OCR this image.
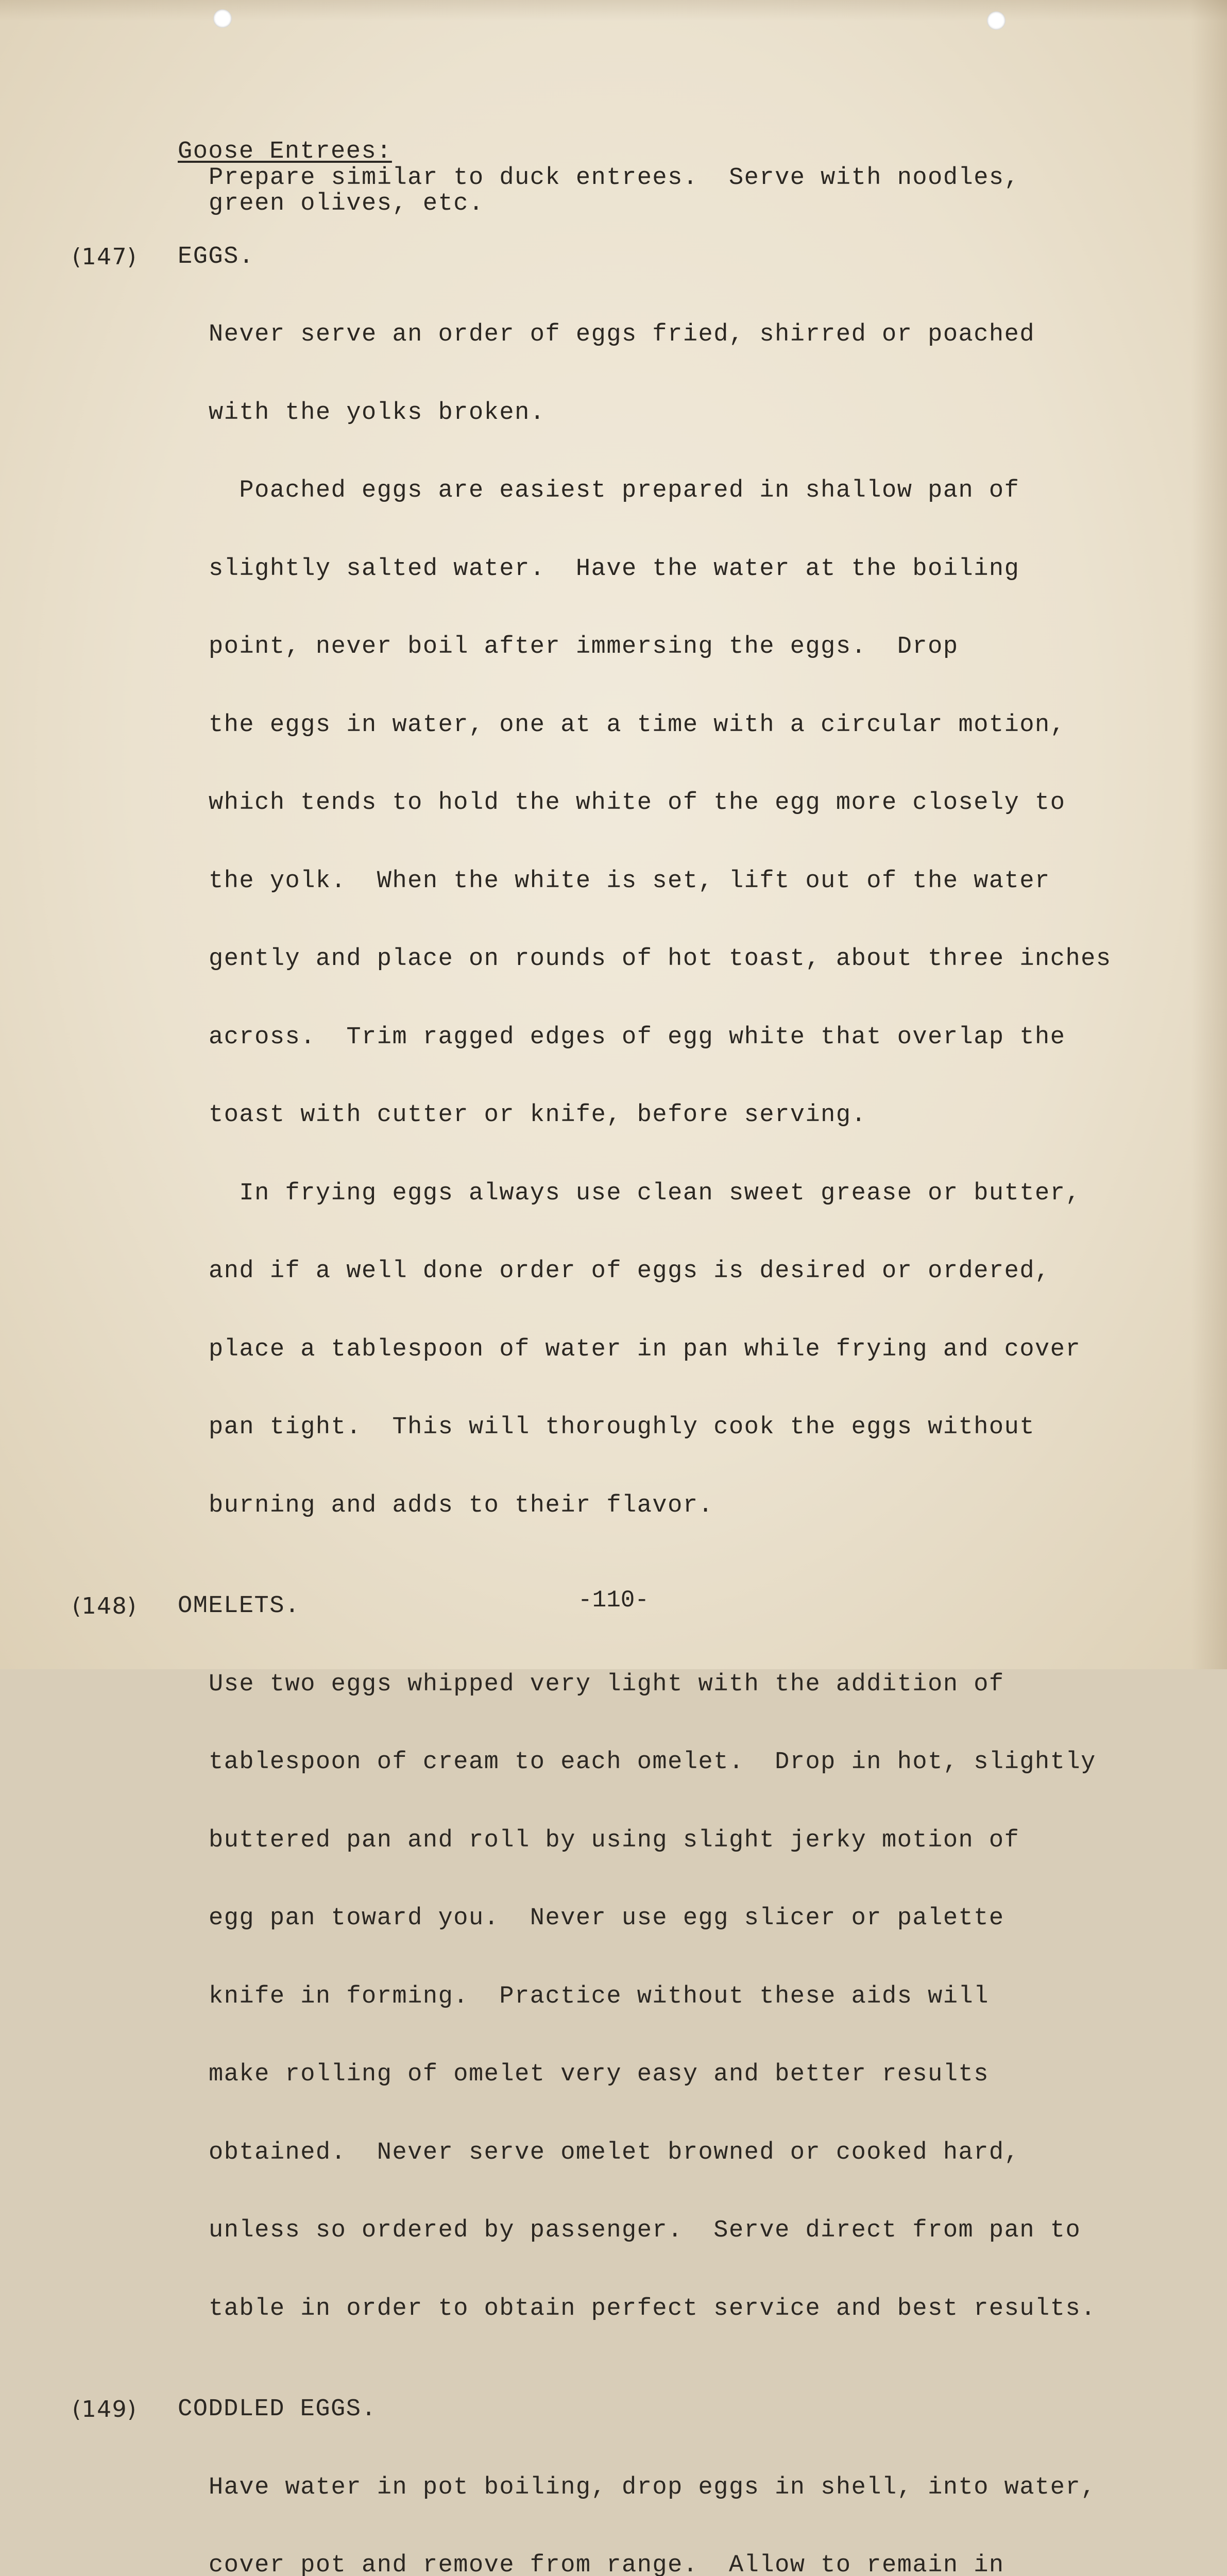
Goose Entrees:
Prepare similar to duck entrees.  Serve with noodles,
green olives, etc.
(147)	EGGS.

Never serve an order of eggs fried, shirred or poached

with the yolks broken.

Poached eggs are easiest prepared in shallow pan of

slightly salted water.  Have the water at the boiling

point, never boil after immersing the eggs.  Drop

the eggs in water, one at a time with a circular motion,

which tends to hold the white of the egg more closely to

the yolk.  When the white is set, lift out of the water

gently and place on rounds of hot toast, about three inches

across.  Trim ragged edges of egg white that overlap the

toast with cutter or knife, before serving.

In frying eggs always use clean sweet grease or butter,

and if a well done order of eggs is desired or ordered,

place a tablespoon of water in pan while frying and cover

pan tight.  This will thoroughly cook the eggs without

burning and adds to their flavor.

(148)	OMELETS.

Use two eggs whipped very light with the addition of

tablespoon of cream to each omelet.  Drop in hot, slightly

buttered pan and roll by using slight jerky motion of

egg pan toward you.  Never use egg slicer or palette

knife in forming.  Practice without these aids will

make rolling of omelet very easy and better results

obtained.  Never serve omelet browned or cooked hard,

unless so ordered by passenger.  Serve direct from pan to

table in order to obtain perfect service and best results.

(149)	CODDLED EGGS.

Have water in pot boiling, drop eggs in shell, into water,

cover pot and remove from range.  Allow to remain in

-110-
